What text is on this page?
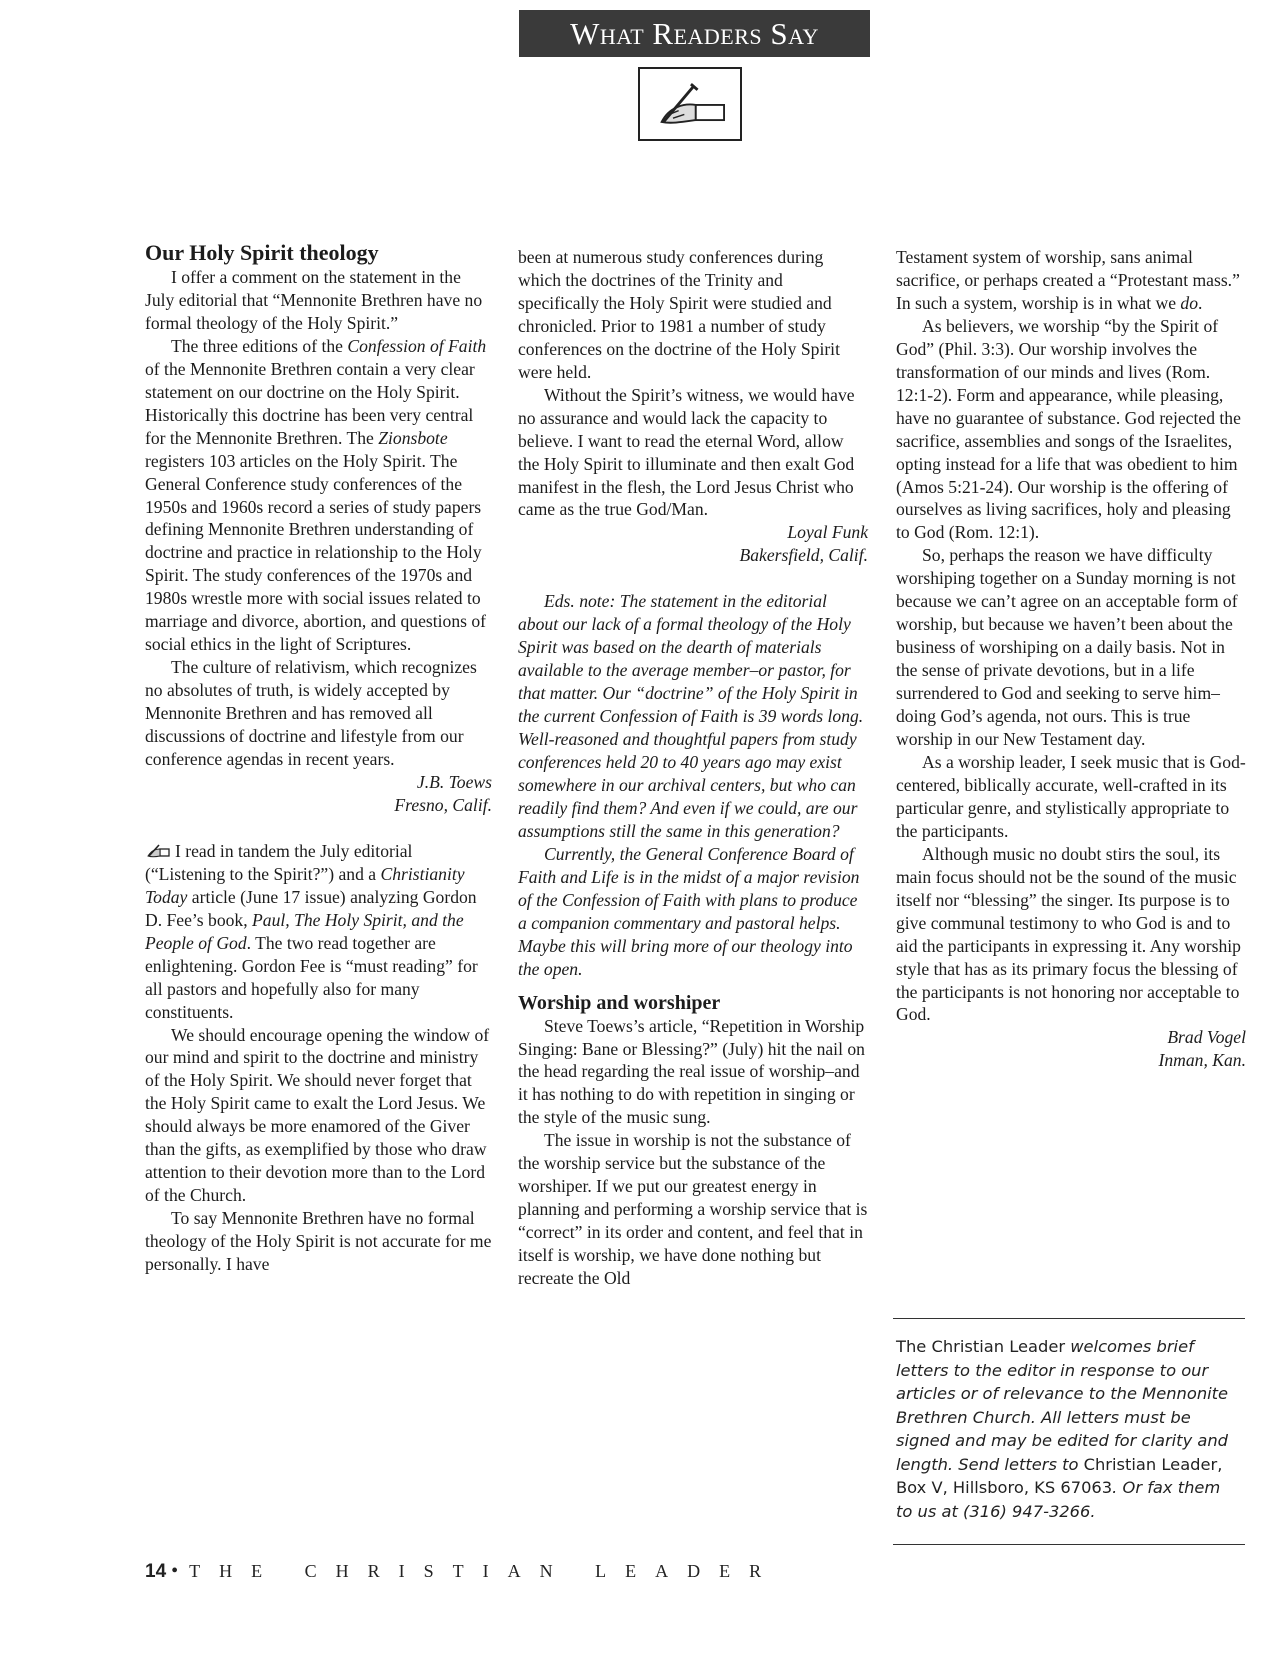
What Readers Say
Our Holy Spirit theology

I offer a comment on the statement in the July editorial that “Mennonite Brethren have no formal theology of the Holy Spirit.”

The three editions of the Confession of Faith of the Mennonite Brethren contain a very clear statement on our doctrine on the Holy Spirit. Historically this doctrine has been very central for the Mennonite Brethren. The Zionsbote registers 103 articles on the Holy Spirit. The General Conference study conferences of the 1950s and 1960s record a series of study papers defining Mennonite Brethren understanding of doctrine and practice in relationship to the Holy Spirit. The study conferences of the 1970s and 1980s wrestle more with social issues related to marriage and divorce, abortion, and questions of social ethics in the light of Scriptures.

The culture of relativism, which recognizes no absolutes of truth, is widely accepted by Mennonite Brethren and has removed all discussions of doctrine and lifestyle from our conference agendas in recent years.

J.B. Toews

Fresno, Calif.

I read in tandem the July editorial (“Listening to the Spirit?”) and a Christianity Today article (June 17 issue) analyzing Gordon D. Fee’s book, Paul, The Holy Spirit, and the People of God. The two read together are enlightening. Gordon Fee is “must reading” for all pastors and hopefully also for many constituents.

We should encourage opening the window of our mind and spirit to the doctrine and ministry of the Holy Spirit. We should never forget that the Holy Spirit came to exalt the Lord Jesus. We should always be more enamored of the Giver than the gifts, as exemplified by those who draw attention to their devotion more than to the Lord of the Church.

To say Mennonite Brethren have no formal theology of the Holy Spirit is not accurate for me personally. I have

been at numerous study conferences during which the doctrines of the Trinity and specifically the Holy Spirit were studied and chronicled. Prior to 1981 a number of study conferences on the doctrine of the Holy Spirit were held.

Without the Spirit’s witness, we would have no assurance and would lack the capacity to believe. I want to read the eternal Word, allow the Holy Spirit to illuminate and then exalt God manifest in the flesh, the Lord Jesus Christ who came as the true God/Man.

Loyal Funk

Bakersfield, Calif.

Eds. note: The statement in the editorial about our lack of a formal theology of the Holy Spirit was based on the dearth of materials available to the average member–or pastor, for that matter. Our “doctrine” of the Holy Spirit in the current Confession of Faith is 39 words long. Well-reasoned and thoughtful papers from study conferences held 20 to 40 years ago may exist somewhere in our archival centers, but who can readily find them? And even if we could, are our assumptions still the same in this generation?

Currently, the General Conference Board of Faith and Life is in the midst of a major revision of the Confession of Faith with plans to produce a companion commentary and pastoral helps. Maybe this will bring more of our theology into the open.

Worship and worshiper

Steve Toews’s article, “Repetition in Worship Singing: Bane or Blessing?” (July) hit the nail on the head regarding the real issue of worship–and it has nothing to do with repetition in singing or the style of the music sung.

The issue in worship is not the substance of the worship service but the substance of the worshiper. If we put our greatest energy in planning and performing a worship service that is “correct” in its order and content, and feel that in itself is worship, we have done nothing but recreate the Old

Testament system of worship, sans animal sacrifice, or perhaps created a “Protestant mass.” In such a system, worship is in what we do.

As believers, we worship “by the Spirit of God” (Phil. 3:3). Our worship involves the transformation of our minds and lives (Rom. 12:1-2). Form and appearance, while pleasing, have no guarantee of substance. God rejected the sacrifice, assemblies and songs of the Israelites, opting instead for a life that was obedient to him (Amos 5:21-24). Our worship is the offering of ourselves as living sacrifices, holy and pleasing to God (Rom. 12:1).

So, perhaps the reason we have difficulty worshiping together on a Sunday morning is not because we can’t agree on an acceptable form of worship, but because we haven’t been about the business of worshiping on a daily basis. Not in the sense of private devotions, but in a life surrendered to God and seeking to serve him–doing God’s agenda, not ours. This is true worship in our New Testament day.

As a worship leader, I seek music that is God-centered, biblically accurate, well-crafted in its particular genre, and stylistically appropriate to the participants.

Although music no doubt stirs the soul, its main focus should not be the sound of the music itself nor “blessing” the singer. Its purpose is to give communal testimony to who God is and to aid the participants in expressing it. Any worship style that has as its primary focus the blessing of the participants is not honoring nor acceptable to God.

Brad Vogel

Inman, Kan.

The Christian Leader welcomes brief letters to the editor in response to our articles or of relevance to the Mennonite Brethren Church. All letters must be signed and may be edited for clarity and length. Send letters to Christian Leader, Box V, Hillsboro, KS 67063. Or fax them to us at (316) 947-3266.
14 • THE CHRISTIAN LEADER
